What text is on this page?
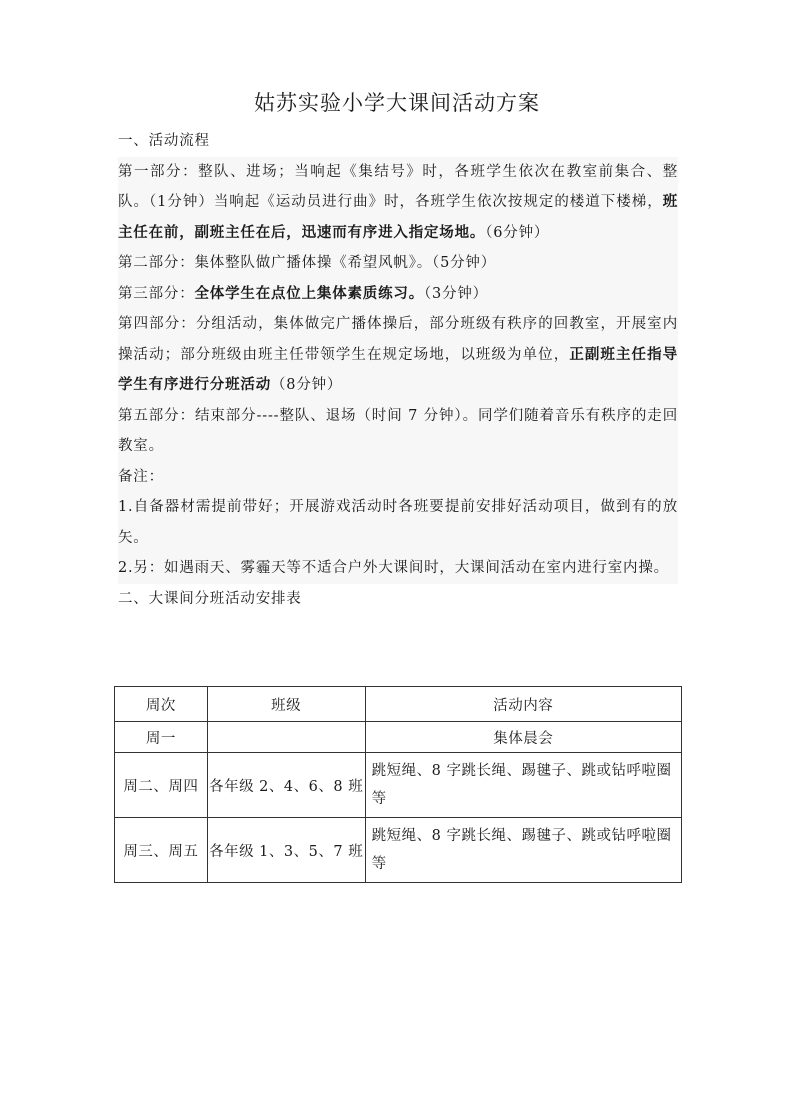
姑苏实验小学大课间活动方案

一、活动流程

第一部分：整队、进场；当响起《集结号》时，各班学生依次在教室前集合、整队。（1分钟）当响起《运动员进行曲》时，各班学生依次按规定的楼道下楼梯，班主任在前，副班主任在后，迅速而有序进入指定场地。（6分钟）

第二部分：集体整队做广播体操《希望风帆》。（5分钟）

第三部分：全体学生在点位上集体素质练习。（3分钟）

第四部分：分组活动，集体做完广播体操后，部分班级有秩序的回教室，开展室内操活动；部分班级由班主任带领学生在规定场地，以班级为单位，正副班主任指导学生有序进行分班活动（8分钟）

第五部分：结束部分----整队、退场（时间 7 分钟）。同学们随着音乐有秩序的走回教室。

备注：

1.自备器材需提前带好；开展游戏活动时各班要提前安排好活动项目，做到有的放矢。

2.另：如遇雨天、雾霾天等不适合户外大课间时，大课间活动在室内进行室内操。

二、大课间分班活动安排表

周次	班级	活动内容
周一		集体晨会
周二、周四	各年级 2、4、6、8 班	跳短绳、8 字跳长绳、踢毽子、跳或钻呼啦圈等
周三、周五	各年级 1、3、5、7 班	跳短绳、8 字跳长绳、踢毽子、跳或钻呼啦圈等
